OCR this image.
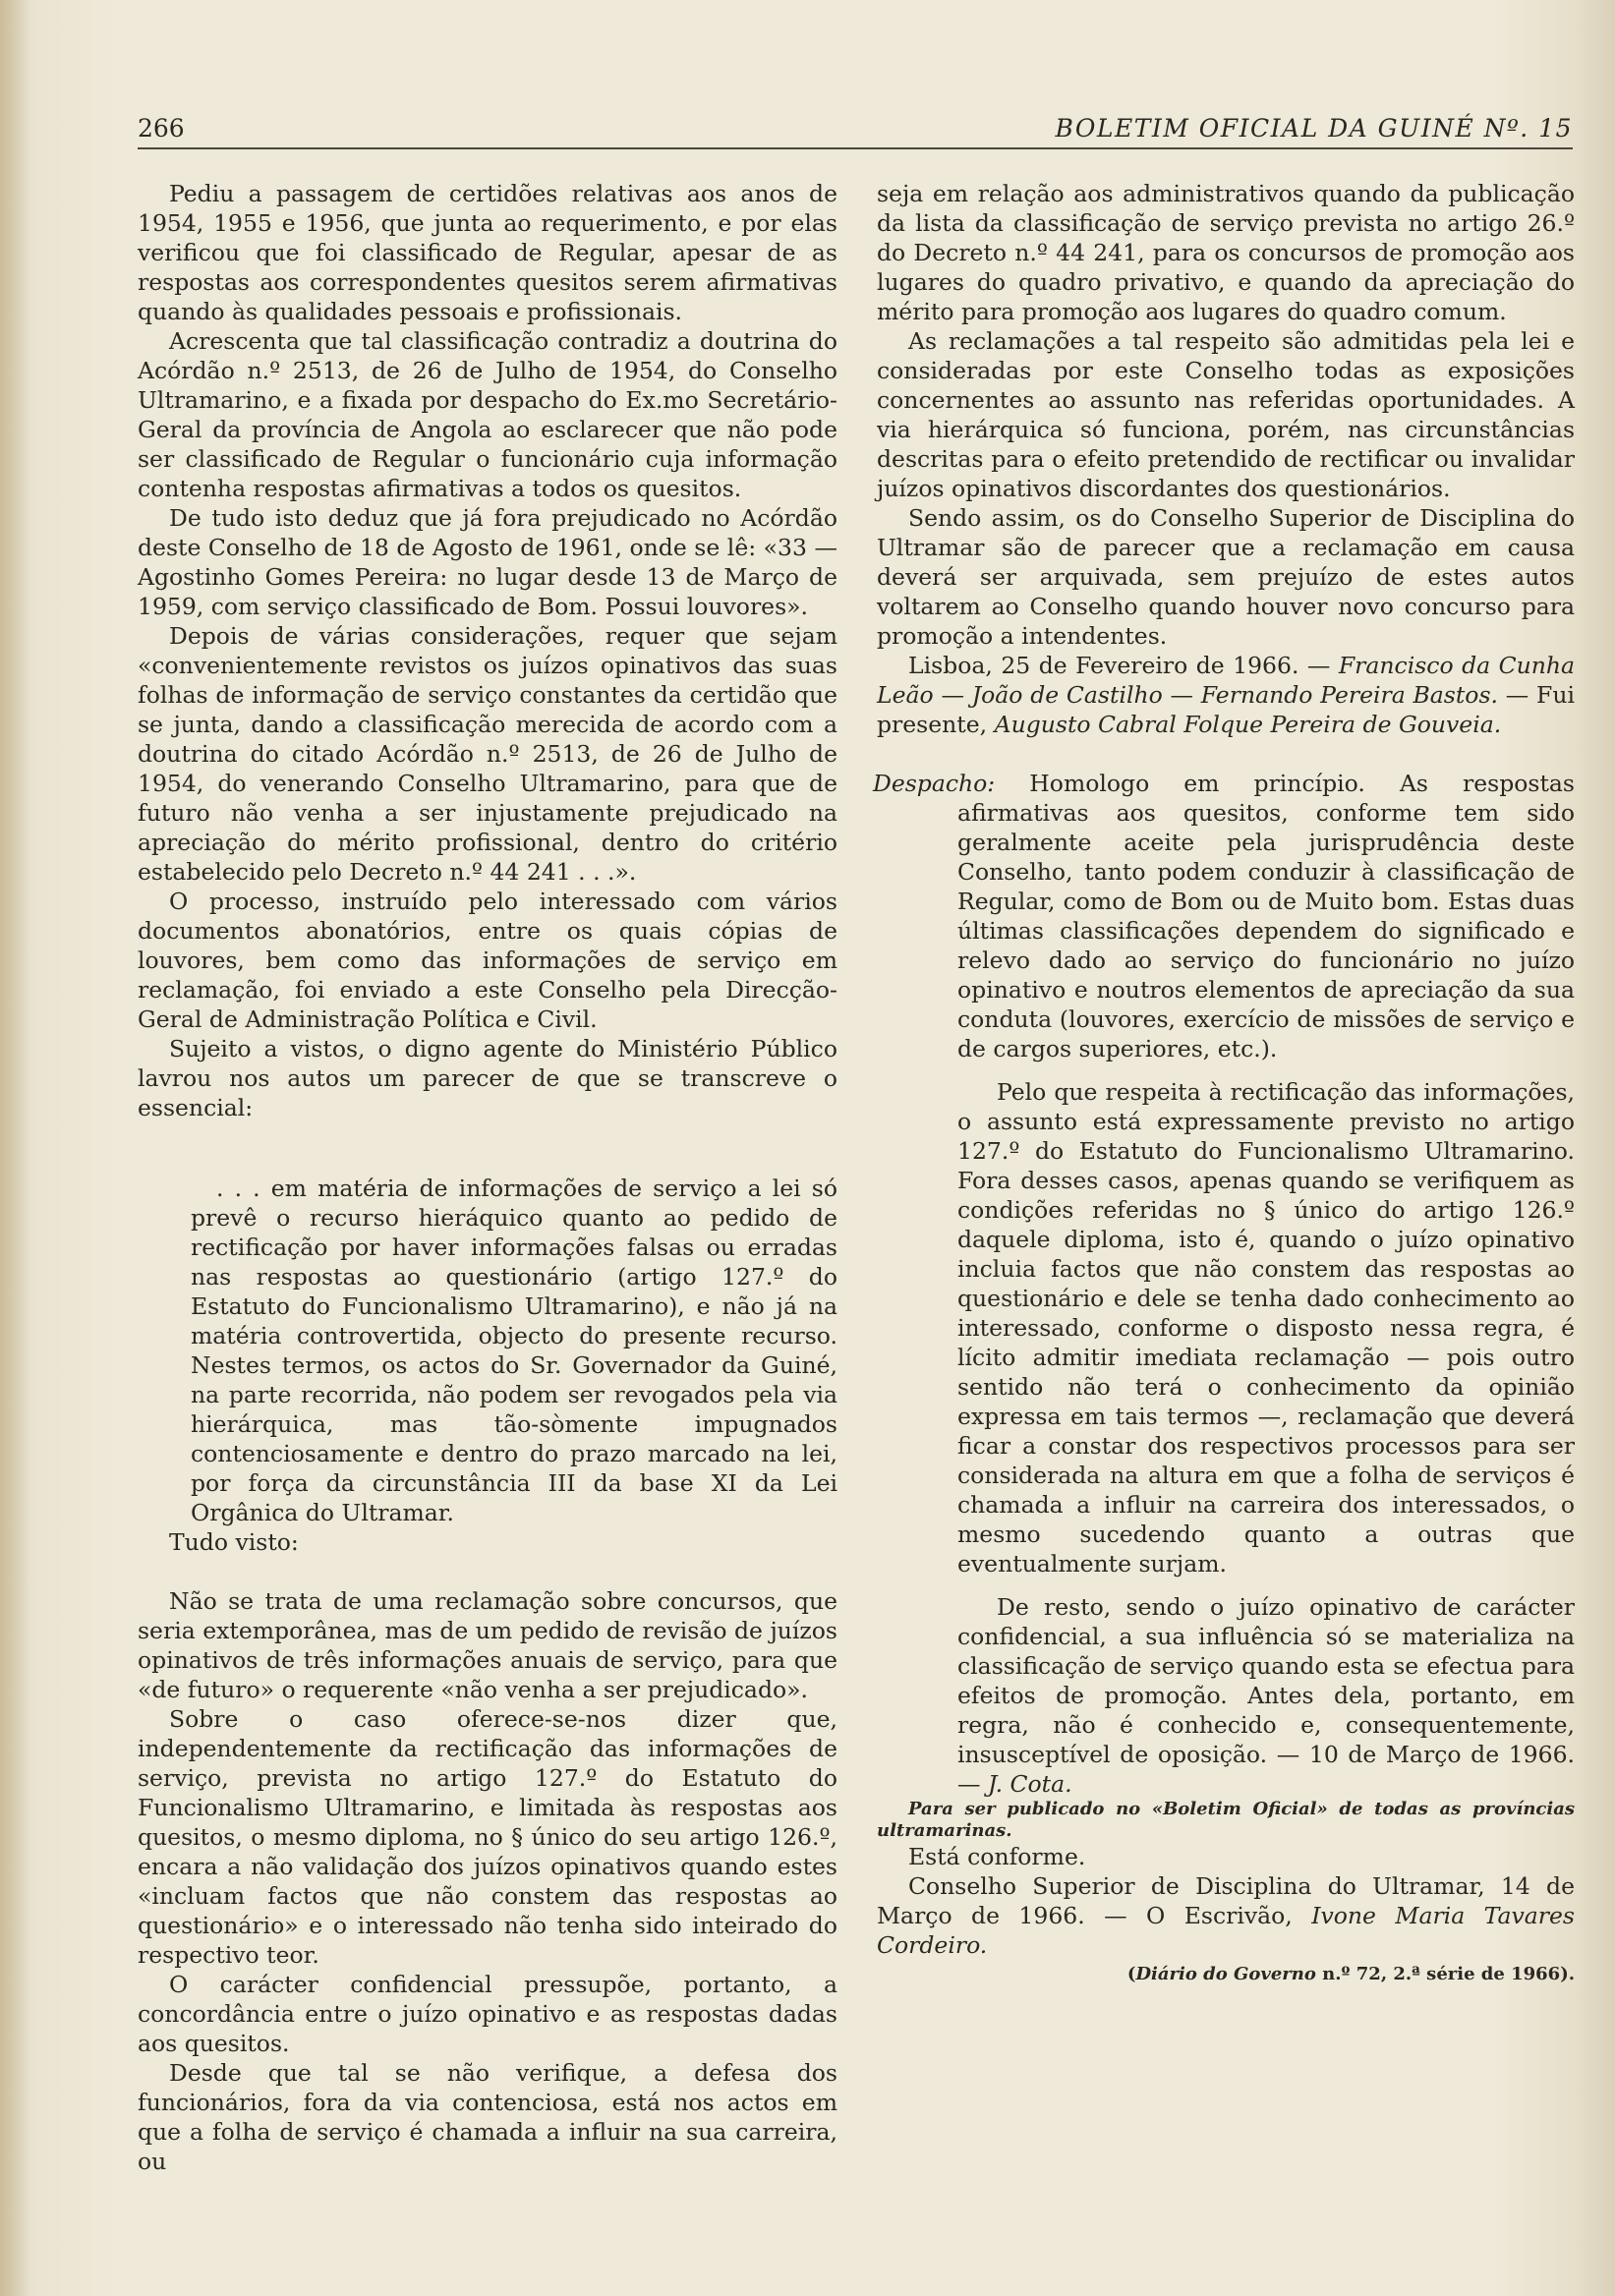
266	BOLETIM OFICIAL DA GUINÉ Nº. 15

Pediu a passagem de certidões relativas aos anos de 1954, 1955 e 1956, que junta ao requerimento, e por elas verificou que foi classificado de Regular, apesar de as respostas aos correspondentes quesitos serem afirmativas quando às qualidades pessoais e profissionais.

Acrescenta que tal classificação contradiz a doutrina do Acórdão n.º 2513, de 26 de Julho de 1954, do Conselho Ultramarino, e a fixada por despacho do Ex.mo Secretário-Geral da província de Angola ao esclarecer que não pode ser classificado de Regular o funcionário cuja informação contenha respostas afirmativas a todos os quesitos.

De tudo isto deduz que já fora prejudicado no Acórdão deste Conselho de 18 de Agosto de 1961, onde se lê: «33 — Agostinho Gomes Pereira: no lugar desde 13 de Março de 1959, com serviço classificado de Bom. Possui louvores».

Depois de várias considerações, requer que sejam «convenientemente revistos os juízos opinativos das suas folhas de informação de serviço constantes da certidão que se junta, dando a classificação merecida de acordo com a doutrina do citado Acórdão n.º 2513, de 26 de Julho de 1954, do venerando Conselho Ultramarino, para que de futuro não venha a ser injustamente prejudicado na apreciação do mérito profissional, dentro do critério estabelecido pelo Decreto n.º 44 241 . . .».

O processo, instruído pelo interessado com vários documentos abonatórios, entre os quais cópias de louvores, bem como das informações de serviço em reclamação, foi enviado a este Conselho pela Direcção-Geral de Administração Política e Civil.

Sujeito a vistos, o digno agente do Ministério Público lavrou nos autos um parecer de que se transcreve o essencial:

. . . em matéria de informações de serviço a lei só prevê o recurso hieráquico quanto ao pedido de rectificação por haver informações falsas ou erradas nas respostas ao questionário (artigo 127.º do Estatuto do Funcionalismo Ultramarino), e não já na matéria controvertida, objecto do presente recurso. Nestes termos, os actos do Sr. Governador da Guiné, na parte recorrida, não podem ser revogados pela via hierárquica, mas tão-sòmente impugnados contenciosamente e dentro do prazo marcado na lei, por força da circunstância III da base XI da Lei Orgânica do Ultramar.

Tudo visto:

Não se trata de uma reclamação sobre concursos, que seria extemporânea, mas de um pedido de revisão de juízos opinativos de três informações anuais de serviço, para que «de futuro» o requerente «não venha a ser prejudicado».

Sobre o caso oferece-se-nos dizer que, independentemente da rectificação das informações de serviço, prevista no artigo 127.º do Estatuto do Funcionalismo Ultramarino, e limitada às respostas aos quesitos, o mesmo diploma, no § único do seu artigo 126.º, encara a não validação dos juízos opinativos quando estes «incluam factos que não constem das respostas ao questionário» e o interessado não tenha sido inteirado do respectivo teor.

O carácter confidencial pressupõe, portanto, a concordância entre o juízo opinativo e as respostas dadas aos quesitos.

Desde que tal se não verifique, a defesa dos funcionários, fora da via contenciosa, está nos actos em que a folha de serviço é chamada a influir na sua carreira, ou

seja em relação aos administrativos quando da publicação da lista da classificação de serviço prevista no artigo 26.º do Decreto n.º 44 241, para os concursos de promoção aos lugares do quadro privativo, e quando da apreciação do mérito para promoção aos lugares do quadro comum.

As reclamações a tal respeito são admitidas pela lei e consideradas por este Conselho todas as exposições concernentes ao assunto nas referidas oportunidades. A via hierárquica só funciona, porém, nas circunstâncias descritas para o efeito pretendido de rectificar ou invalidar juízos opinativos discordantes dos questionários.

Sendo assim, os do Conselho Superior de Disciplina do Ultramar são de parecer que a reclamação em causa deverá ser arquivada, sem prejuízo de estes autos voltarem ao Conselho quando houver novo concurso para promoção a intendentes.

Lisboa, 25 de Fevereiro de 1966. — Francisco da Cunha Leão — João de Castilho — Fernando Pereira Bastos. — Fui presente, Augusto Cabral Folque Pereira de Gouveia.

Despacho: Homologo em princípio. As respostas afirmativas aos quesitos, conforme tem sido geralmente aceite pela jurisprudência deste Conselho, tanto podem conduzir à classificação de Regular, como de Bom ou de Muito bom. Estas duas últimas classificações dependem do significado e relevo dado ao serviço do funcionário no juízo opinativo e noutros elementos de apreciação da sua conduta (louvores, exercício de missões de serviço e de cargos superiores, etc.).

Pelo que respeita à rectificação das informações, o assunto está expressamente previsto no artigo 127.º do Estatuto do Funcionalismo Ultramarino. Fora desses casos, apenas quando se verifiquem as condições referidas no § único do artigo 126.º daquele diploma, isto é, quando o juízo opinativo incluia factos que não constem das respostas ao questionário e dele se tenha dado conhecimento ao interessado, conforme o disposto nessa regra, é lícito admitir imediata reclamação — pois outro sentido não terá o conhecimento da opinião expressa em tais termos —, reclamação que deverá ficar a constar dos respectivos processos para ser considerada na altura em que a folha de serviços é chamada a influir na carreira dos interessados, o mesmo sucedendo quanto a outras que eventualmente surjam.

De resto, sendo o juízo opinativo de carácter confidencial, a sua influência só se materializa na classificação de serviço quando esta se efectua para efeitos de promoção. Antes dela, portanto, em regra, não é conhecido e, consequentemente, insusceptível de oposição. — 10 de Março de 1966. — J. Cota.

Para ser publicado no «Boletim Oficial» de todas as províncias ultramarinas.

Está conforme.

Conselho Superior de Disciplina do Ultramar, 14 de Março de 1966. — O Escrivão, Ivone Maria Tavares Cordeiro.

(Diário do Governo n.º 72, 2.ª série de 1966).
